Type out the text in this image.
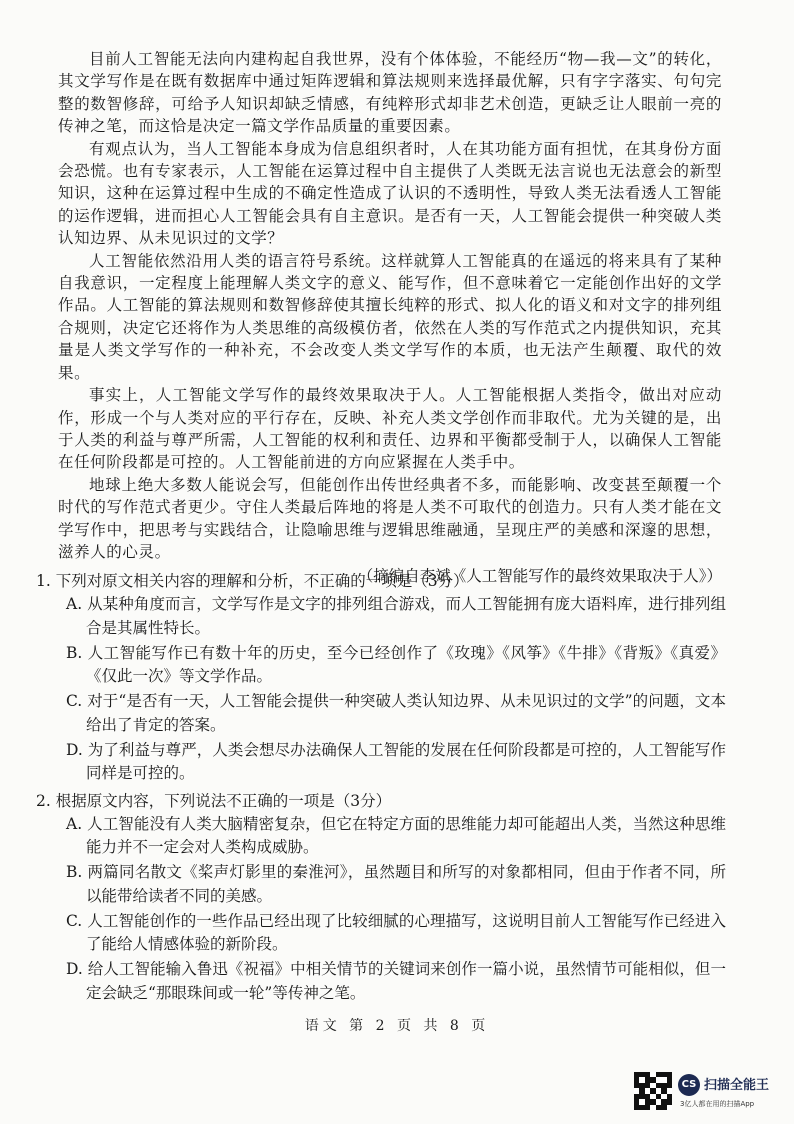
目前人工智能无法向内建构起自我世界，没有个体体验，不能经历“物—我—文”的转化，其文学写作是在既有数据库中通过矩阵逻辑和算法规则来选择最优解，只有字字落实、句句完整的数智修辞，可给予人知识却缺乏情感，有纯粹形式却非艺术创造，更缺乏让人眼前一亮的传神之笔，而这恰是决定一篇文学作品质量的重要因素。

有观点认为，当人工智能本身成为信息组织者时，人在其功能方面有担忧，在其身份方面会恐慌。也有专家表示，人工智能在运算过程中自主提供了人类既无法言说也无法意会的新型知识，这种在运算过程中生成的不确定性造成了认识的不透明性，导致人类无法看透人工智能的运作逻辑，进而担心人工智能会具有自主意识。是否有一天，人工智能会提供一种突破人类认知边界、从未见识过的文学？

人工智能依然沿用人类的语言符号系统。这样就算人工智能真的在遥远的将来具有了某种自我意识，一定程度上能理解人类文字的意义、能写作，但不意味着它一定能创作出好的文学作品。人工智能的算法规则和数智修辞使其擅长纯粹的形式、拟人化的语义和对文字的排列组合规则，决定它还将作为人类思维的高级模仿者，依然在人类的写作范式之内提供知识，充其量是人类文学写作的一种补充，不会改变人类文学写作的本质，也无法产生颠覆、取代的效果。

事实上，人工智能文学写作的最终效果取决于人。人工智能根据人类指令，做出对应动作，形成一个与人类对应的平行存在，反映、补充人类文学创作而非取代。尤为关键的是，出于人类的利益与尊严所需，人工智能的权利和责任、边界和平衡都受制于人，以确保人工智能在任何阶段都是可控的。人工智能前进的方向应紧握在人类手中。

地球上绝大多数人能说会写，但能创作出传世经典者不多，而能影响、改变甚至颠覆一个时代的写作范式者更少。守住人类最后阵地的将是人类不可取代的创造力。只有人类才能在文学写作中，把思考与实践结合，让隐喻思维与逻辑思维融通，呈现庄严的美感和深邃的思想，滋养人的心灵。

（摘编自李斌《人工智能写作的最终效果取决于人》）

1. 下列对原文相关内容的理解和分析，不正确的一项是（3分）

A. 从某种角度而言，文学写作是文字的排列组合游戏，而人工智能拥有庞大语料库，进行排列组合是其属性特长。

B. 人工智能写作已有数十年的历史，至今已经创作了《玫瑰》《风筝》《牛排》《背叛》《真爱》《仅此一次》等文学作品。

C. 对于“是否有一天，人工智能会提供一种突破人类认知边界、从未见识过的文学”的问题，文本给出了肯定的答案。

D. 为了利益与尊严，人类会想尽办法确保人工智能的发展在任何阶段都是可控的，人工智能写作同样是可控的。

2. 根据原文内容，下列说法不正确的一项是（3分）

A. 人工智能没有人类大脑精密复杂，但它在特定方面的思维能力却可能超出人类，当然这种思维能力并不一定会对人类构成威胁。

B. 两篇同名散文《桨声灯影里的秦淮河》，虽然题目和所写的对象都相同，但由于作者不同，所以能带给读者不同的美感。

C. 人工智能创作的一些作品已经出现了比较细腻的心理描写，这说明目前人工智能写作已经进入了能给人情感体验的新阶段。

D. 给人工智能输入鲁迅《祝福》中相关情节的关键词来创作一篇小说，虽然情节可能相似，但一定会缺乏“那眼珠间或一轮”等传神之笔。

语文 第 2 页 共 8 页
CS 扫描全能王
3亿人都在用的扫描App
